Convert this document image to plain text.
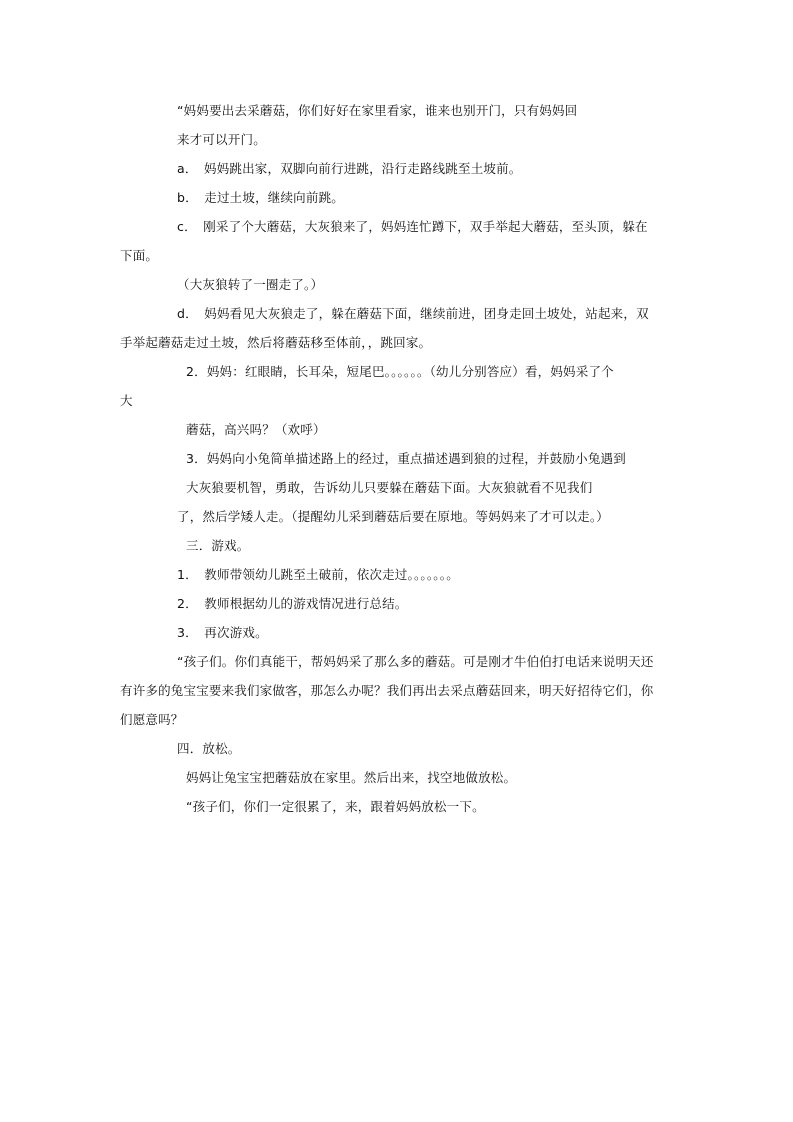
“妈妈要出去采蘑菇，你们好好在家里看家，谁来也别开门，只有妈妈回
来才可以开门。
a．　妈妈跳出家，双脚向前行进跳，沿行走路线跳至土坡前。
b．　走过土坡，继续向前跳。
c．　刚采了个大蘑菇，大灰狼来了，妈妈连忙蹲下，双手举起大蘑菇，至头顶，躲在
下面。
（大灰狼转了一圈走了。）
d．　妈妈看见大灰狼走了，躲在蘑菇下面，继续前进，团身走回土坡处，站起来，双
手举起蘑菇走过土坡，然后将蘑菇移至体前，，跳回家。
2．妈妈：红眼睛，长耳朵，短尾巴。。。。。。（幼儿分别答应）看，妈妈采了个
大
蘑菇，高兴吗？（欢呼）
3．妈妈向小兔简单描述路上的经过，重点描述遇到狼的过程，并鼓励小兔遇到
大灰狼要机智，勇敢，告诉幼儿只要躲在蘑菇下面。大灰狼就看不见我们
了，然后学矮人走。（提醒幼儿采到蘑菇后要在原地。等妈妈来了才可以走。）
三．游戏。
1．　教师带领幼儿跳至土破前，依次走过。。。。。。。
2．　教师根据幼儿的游戏情况进行总结。
3．　再次游戏。
“孩子们。你们真能干，帮妈妈采了那么多的蘑菇。可是刚才牛伯伯打电话来说明天还
有许多的兔宝宝要来我们家做客，那怎么办呢？我们再出去采点蘑菇回来，明天好招待它们，你
们愿意吗？
四．放松。
妈妈让兔宝宝把蘑菇放在家里。然后出来，找空地做放松。
“孩子们，你们一定很累了，来，跟着妈妈放松一下。
